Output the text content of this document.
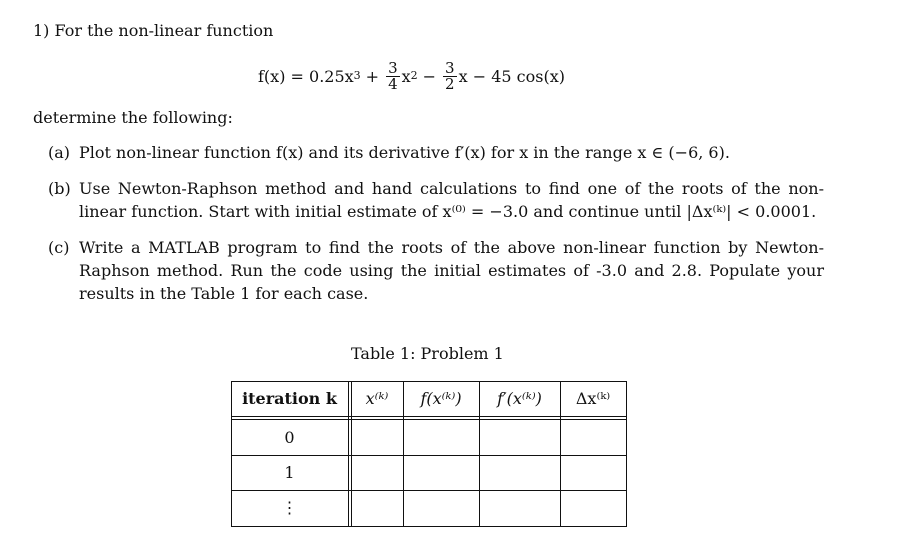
1) For the non-linear function
f(x) = 0.25x $3 + \frac{3}{4}$ x $2 - \frac{3}{2}$ x − 45 cos(x)
determine the following:
(a) Plot non-linear function f(x) and its derivative f′(x) for x in the range x ∈ (−6, 6).
(b) Use Newton-Raphson method and hand calculations to find one of the roots of the non-linear function. Start with initial estimate of x⁽⁰⁾ = −3.0 and continue until |Δx⁽ᵏ⁾| < 0.0001.
(c) Write a MATLAB program to find the roots of the above non-linear function by Newton-Raphson method. Run the code using the initial estimates of -3.0 and 2.8. Populate your results in the Table 1 for each case.
Table 1: Problem 1
iteration k	x⁽ᵏ⁾	f(x⁽ᵏ⁾)	f′(x⁽ᵏ⁾)	Δx⁽ᵏ⁾
0
1
⋮
